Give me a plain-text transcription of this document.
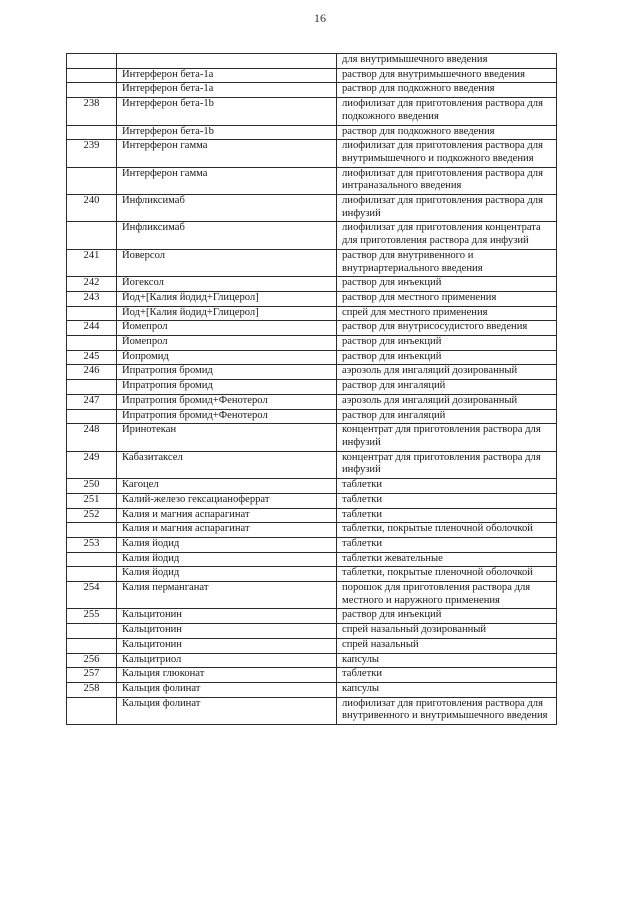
16
		для внутримышечного введения
	Интерферон бета-1а	раствор для внутримышечного введения
	Интерферон бета-1а	раствор для подкожного введения
238	Интерферон бета-1b	лиофилизат для приготовления раствора для подкожного введения
	Интерферон бета-1b	раствор для подкожного введения
239	Интерферон гамма	лиофилизат для приготовления раствора для внутримышечного и подкожного введения
	Интерферон гамма	лиофилизат для приготовления раствора для интраназального введения
240	Инфликсимаб	лиофилизат для приготовления раствора для инфузий
	Инфликсимаб	лиофилизат для приготовления концентрата для приготовления раствора для инфузий
241	Йоверсол	раствор для внутривенного и внутриартериального введения
242	Йогексол	раствор для инъекций
243	Йод+[Калия йодид+Глицерол]	раствор для местного применения
	Йод+[Калия йодид+Глицерол]	спрей для местного применения
244	Йомепрол	раствор для внутрисосудистого введения
	Йомепрол	раствор для инъекций
245	Йопромид	раствор для инъекций
246	Ипратропия бромид	аэрозоль для ингаляций дозированный
	Ипратропия бромид	раствор для ингаляций
247	Ипратропия бромид+Фенотерол	аэрозоль для ингаляций дозированный
	Ипратропия бромид+Фенотерол	раствор для ингаляций
248	Иринотекан	концентрат для приготовления раствора для инфузий
249	Кабазитаксел	концентрат для приготовления раствора для инфузий
250	Кагоцел	таблетки
251	Калий-железо гексацианоферрат	таблетки
252	Калия и магния аспарагинат	таблетки
	Калия и магния аспарагинат	таблетки, покрытые пленочной оболочкой
253	Калия йодид	таблетки
	Калия йодид	таблетки жевательные
	Калия йодид	таблетки, покрытые пленочной оболочкой
254	Калия перманганат	порошок для приготовления раствора для местного и наружного применения
255	Кальцитонин	раствор для инъекций
	Кальцитонин	спрей назальный дозированный
	Кальцитонин	спрей назальный
256	Кальцитриол	капсулы
257	Кальция глюконат	таблетки
258	Кальция фолинат	капсулы
	Кальция фолинат	лиофилизат для приготовления раствора для внутривенного и внутримышечного введения
